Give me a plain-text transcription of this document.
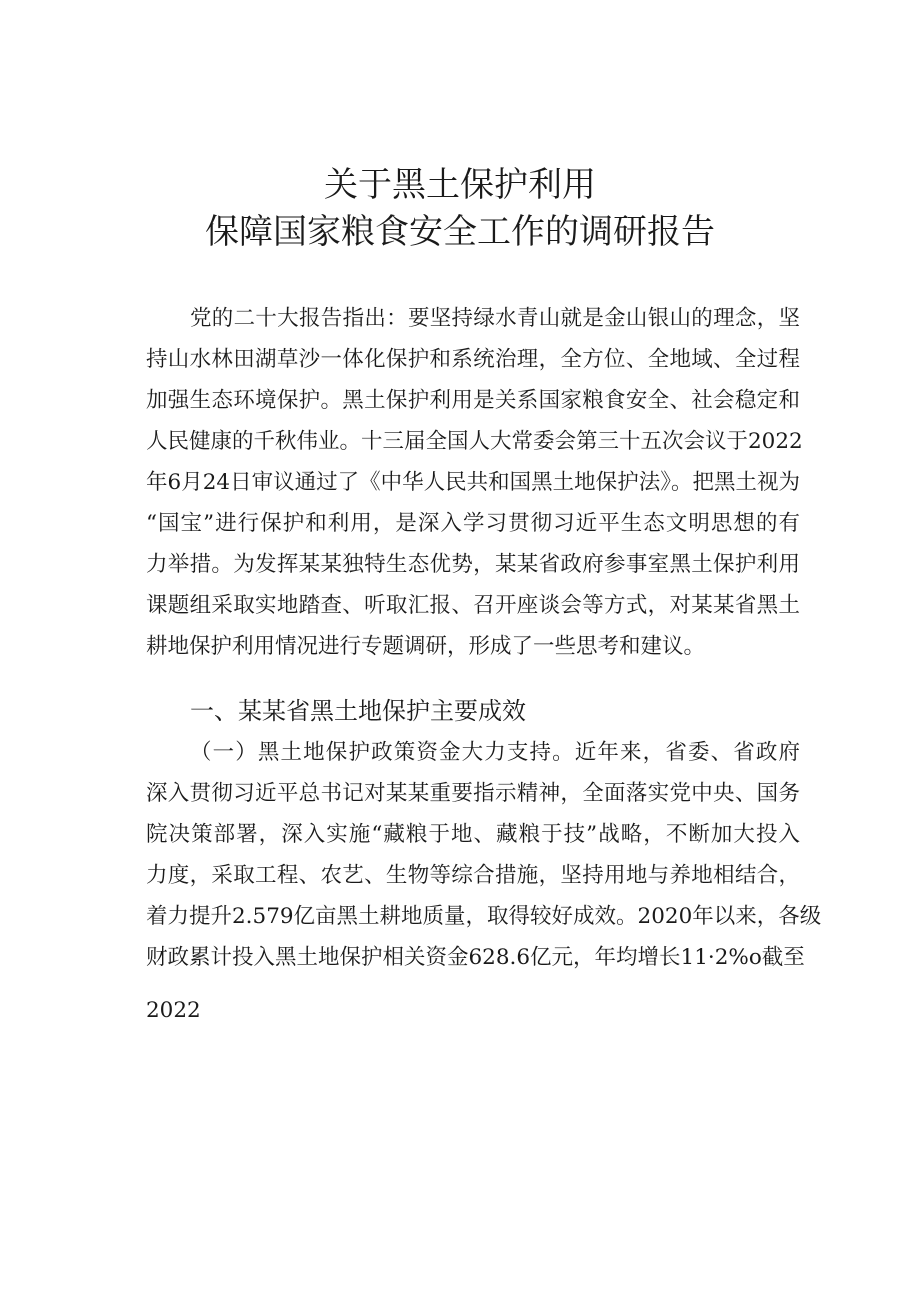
关于黑土保护利用
保障国家粮食安全工作的调研报告
党的二十大报告指出：要坚持绿水青山就是金山银山的理念，坚
持山水林田湖草沙一体化保护和系统治理，全方位、全地域、全过程
加强生态环境保护。黑土保护利用是关系国家粮食安全、社会稳定和
人民健康的千秋伟业。十三届全国人大常委会第三十五次会议于2022
年6月24日审议通过了《中华人民共和国黑土地保护法》。把黑土视为
“国宝”进行保护和利用，是深入学习贯彻习近平生态文明思想的有
力举措。为发挥某某独特生态优势，某某省政府参事室黑土保护利用
课题组采取实地踏查、听取汇报、召开座谈会等方式，对某某省黑土
耕地保护利用情况进行专题调研，形成了一些思考和建议。
一、某某省黑土地保护主要成效
（一）黑土地保护政策资金大力支持。近年来，省委、省政府
深入贯彻习近平总书记对某某重要指示精神，全面落实党中央、国务
院决策部署，深入实施“藏粮于地、藏粮于技”战略，不断加大投入
力度，采取工程、农艺、生物等综合措施，坚持用地与养地相结合，
着力提升2.579亿亩黑土耕地质量，取得较好成效。2020年以来，各级
财政累计投入黑土地保护相关资金628.6亿元，年均增长11·2%o截至
2022
